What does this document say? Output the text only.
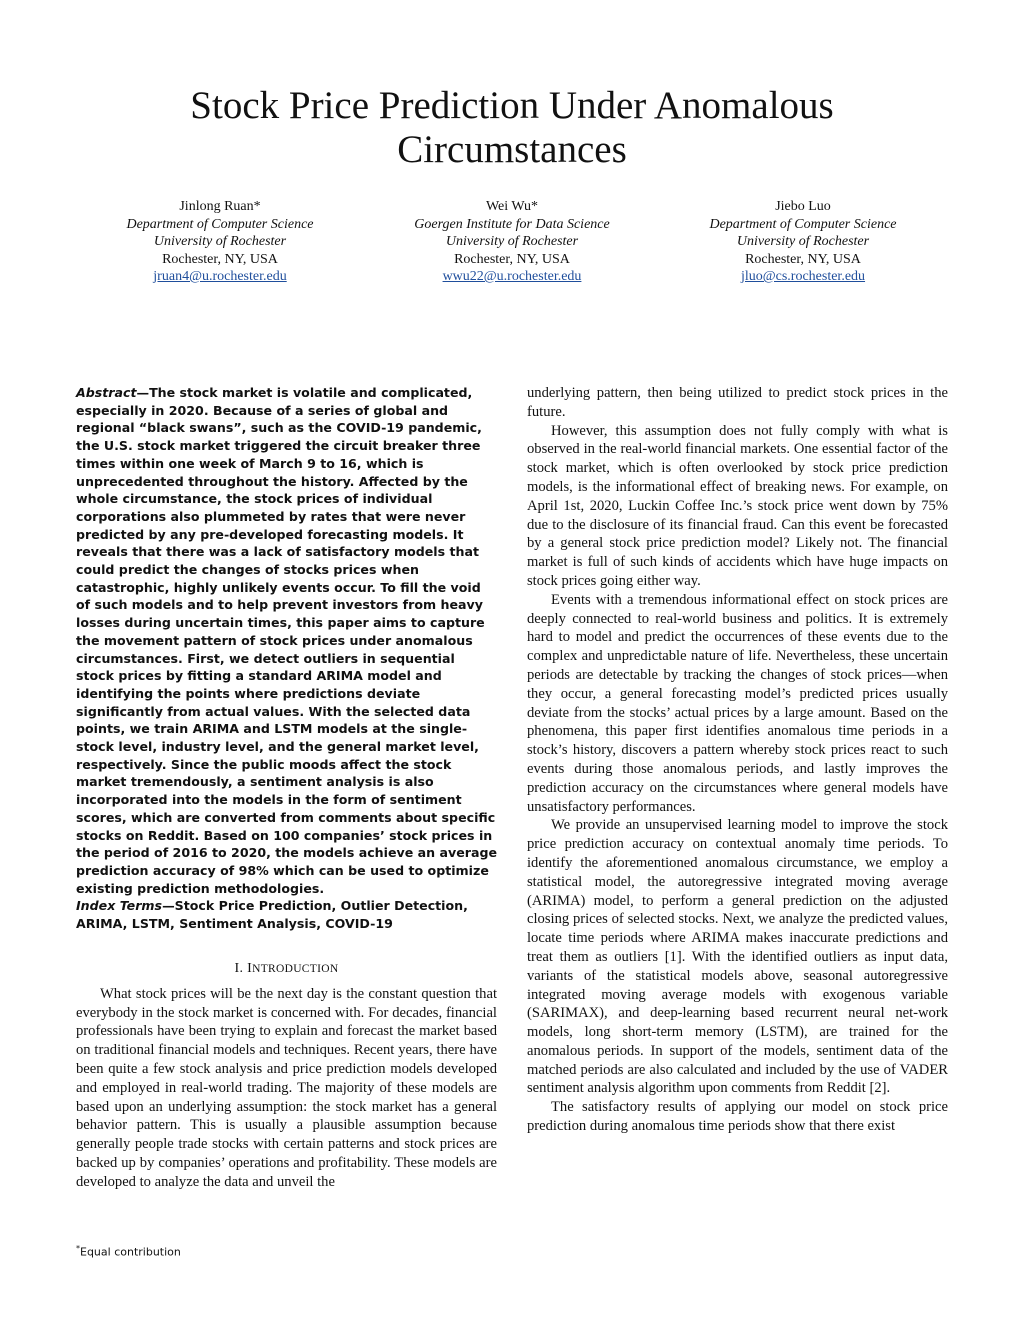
Stock Price Prediction Under Anomalous Circumstances
Jinlong Ruan*
Department of Computer Science
University of Rochester
Rochester, NY, USA
jruan4@u.rochester.edu
Wei Wu*
Goergen Institute for Data Science
University of Rochester
Rochester, NY, USA
wwu22@u.rochester.edu
Jiebo Luo
Department of Computer Science
University of Rochester
Rochester, NY, USA
jluo@cs.rochester.edu

Abstract—The stock market is volatile and complicated, especially in 2020. Because of a series of global and regional “black swans”, such as the COVID-19 pandemic, the U.S. stock market triggered the circuit breaker three times within one week of March 9 to 16, which is unprecedented throughout the history. Affected by the whole circumstance, the stock prices of individual corporations also plummeted by rates that were never predicted by any pre-developed forecasting models. It reveals that there was a lack of satisfactory models that could predict the changes of stocks prices when catastrophic, highly unlikely events occur. To fill the void of such models and to help prevent investors from heavy losses during uncertain times, this paper aims to capture the movement pattern of stock prices under anomalous circumstances. First, we detect outliers in sequential stock prices by fitting a standard ARIMA model and identifying the points where predictions deviate significantly from actual values. With the selected data points, we train ARIMA and LSTM models at the single-stock level, industry level, and the general market level, respectively. Since the public moods affect the stock market tremendously, a sentiment analysis is also incorporated into the models in the form of sentiment scores, which are converted from comments about specific stocks on Reddit. Based on 100 companies’ stock prices in the period of 2016 to 2020, the models achieve an average prediction accuracy of 98% which can be used to optimize existing prediction methodologies.

Index Terms—Stock Price Prediction, Outlier Detection, ARIMA, LSTM, Sentiment Analysis, COVID-19

I. INTRODUCTION

What stock prices will be the next day is the constant question that everybody in the stock market is concerned with. For decades, financial professionals have been trying to explain and forecast the market based on traditional financial models and techniques. Recent years, there have been quite a few stock analysis and price prediction models developed and employed in real-world trading. The majority of these models are based upon an underlying assumption: the stock market has a general behavior pattern. This is usually a plausible assumption because generally people trade stocks with certain patterns and stock prices are backed up by companies’ operations and profitability. These models are developed to analyze the data and unveil the

underlying pattern, then being utilized to predict stock prices in the future.

However, this assumption does not fully comply with what is observed in the real-world financial markets. One essential factor of the stock market, which is often overlooked by stock price prediction models, is the informational effect of breaking news. For example, on April 1st, 2020, Luckin Coffee Inc.’s stock price went down by 75% due to the disclosure of its financial fraud. Can this event be forecasted by a general stock price prediction model? Likely not. The financial market is full of such kinds of accidents which have huge impacts on stock prices going either way.

Events with a tremendous informational effect on stock prices are deeply connected to real-world business and politics. It is extremely hard to model and predict the occurrences of these events due to the complex and unpredictable nature of life. Nevertheless, these uncertain periods are detectable by tracking the changes of stock prices—when they occur, a general forecasting model’s predicted prices usually deviate from the stocks’ actual prices by a large amount. Based on the phenomena, this paper first identifies anomalous time periods in a stock’s history, discovers a pattern whereby stock prices react to such events during those anomalous periods, and lastly improves the prediction accuracy on the circumstances where general models have unsatisfactory performances.

We provide an unsupervised learning model to improve the stock price prediction accuracy on contextual anomaly time periods. To identify the aforementioned anomalous circumstance, we employ a statistical model, the autoregressive integrated moving average (ARIMA) model, to perform a general prediction on the adjusted closing prices of selected stocks. Next, we analyze the predicted values, locate time periods where ARIMA makes inaccurate predictions and treat them as outliers [1]. With the identified outliers as input data, variants of the statistical models above, seasonal autoregressive integrated moving average models with exogenous variable (SARIMAX), and deep-learning based recurrent neural net-work models, long short-term memory (LSTM), are trained for the anomalous periods. In support of the models, sentiment data of the matched periods are also calculated and included by the use of VADER sentiment analysis algorithm upon comments from Reddit [2].

The satisfactory results of applying our model on stock price prediction during anomalous time periods show that there exist

*Equal contribution
